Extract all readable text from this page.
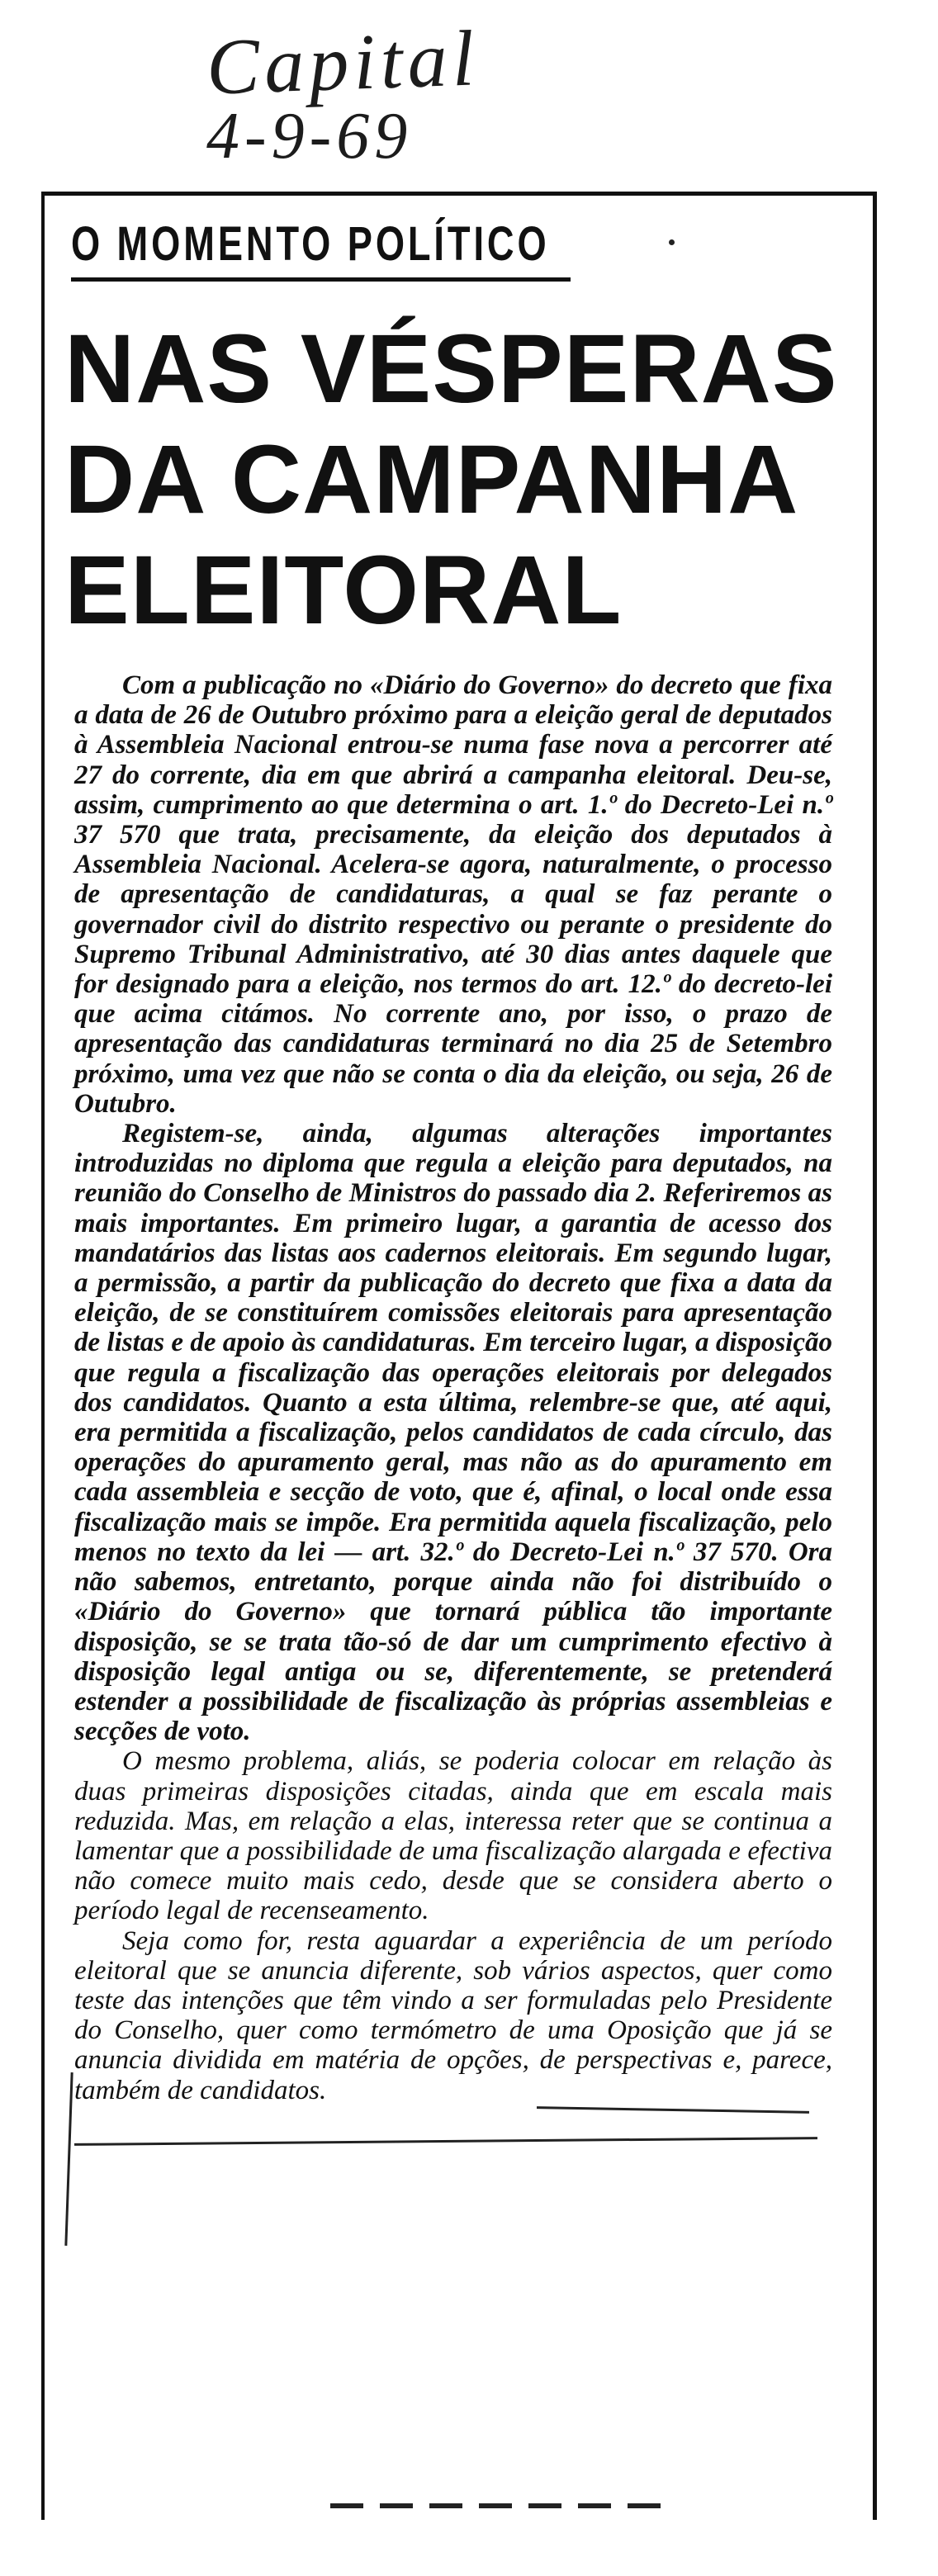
Capital
4-9-69
O MOMENTO POLÍTICO
NAS VÉSPERAS
DA CAMPANHA
ELEITORAL

Com a publicação no «Diário do Governo» do decreto que fixa a data de 26 de Outubro próximo para a eleição geral de deputados à Assembleia Nacional entrou-se numa fase nova a percorrer até 27 do corrente, dia em que abrirá a campanha eleitoral. Deu-se, assim, cumprimento ao que determina o art. 1.º do Decreto-Lei n.º 37 570 que trata, precisamente, da eleição dos deputados à Assembleia Nacional. Acelera-se agora, naturalmente, o processo de apresentação de candidaturas, a qual se faz perante o governador civil do distrito respectivo ou perante o presidente do Supremo Tribunal Administrativo, até 30 dias antes daquele que for designado para a eleição, nos termos do art. 12.º do decreto-lei que acima citámos. No corrente ano, por isso, o prazo de apresentação das candidaturas terminará no dia 25 de Setembro próximo, uma vez que não se conta o dia da eleição, ou seja, 26 de Outubro.

Registem-se, ainda, algumas alterações importantes introduzidas no diploma que regula a eleição para deputados, na reunião do Conselho de Ministros do passado dia 2. Referiremos as mais importantes. Em primeiro lugar, a garantia de acesso dos mandatários das listas aos cadernos eleitorais. Em segundo lugar, a permissão, a partir da publicação do decreto que fixa a data da eleição, de se constituírem comissões eleitorais para apresentação de listas e de apoio às candidaturas. Em terceiro lugar, a disposição que regula a fiscalização das operações eleitorais por delegados dos candidatos. Quanto a esta última, relembre-se que, até aqui, era permitida a fiscalização, pelos candidatos de cada círculo, das operações do apuramento geral, mas não as do apuramento em cada assembleia e secção de voto, que é, afinal, o local onde essa fiscalização mais se impõe. Era permitida aquela fiscalização, pelo menos no texto da lei — art. 32.º do Decreto-Lei n.º 37 570. Ora não sabemos, entretanto, porque ainda não foi distribuído o «Diário do Governo» que tornará pública tão importante disposição, se se trata tão-só de dar um cumprimento efectivo à disposição legal antiga ou se, diferentemente, se pretenderá estender a possibilidade de fiscalização às próprias assembleias e secções de voto.

O mesmo problema, aliás, se poderia colocar em relação às duas primeiras disposições citadas, ainda que em escala mais reduzida. Mas, em relação a elas, interessa reter que se continua a lamentar que a possibilidade de uma fiscalização alargada e efectiva não comece muito mais cedo, desde que se considera aberto o período legal de recenseamento.

Seja como for, resta aguardar a experiência de um período eleitoral que se anuncia diferente, sob vários aspectos, quer como teste das intenções que têm vindo a ser formuladas pelo Presidente do Conselho, quer como termómetro de uma Oposição que já se anuncia dividida em matéria de opções, de perspectivas e, parece, também de candidatos.
